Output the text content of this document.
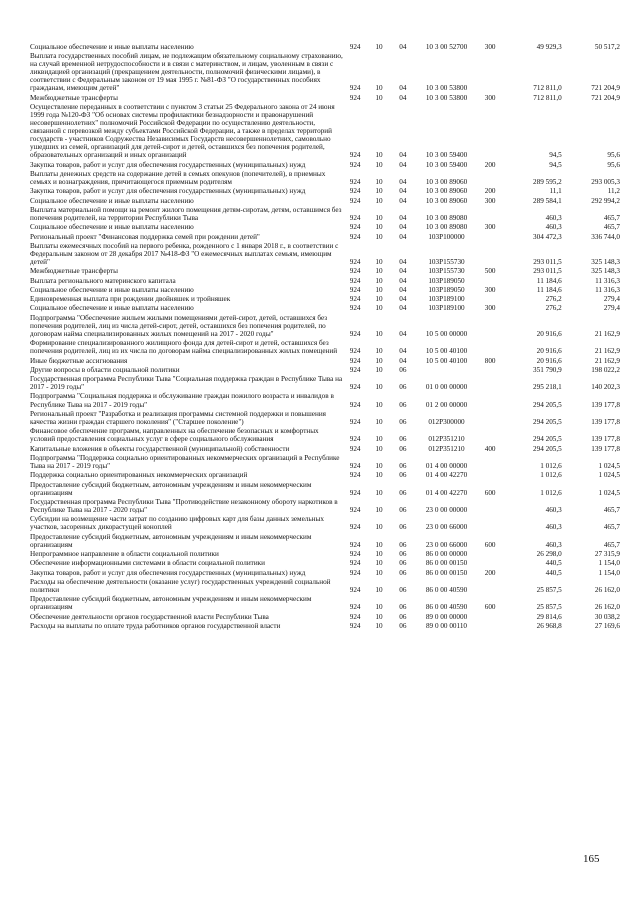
Социальное обеспечение и иные выплаты населению	924	10	04	10 3 00 52700	300	49 929,3	50 517,2
Выплата государственных пособий лицам, не подлежащим обязательному социальному страхованию, на случай временной нетрудоспособности и в связи с материнством, и лицам, уволенным в связи с ликвидацией организаций (прекращением деятельности, полномочий физическими лицами), в соответствии с Федеральным законом от 19 мая 1995 г. №81-ФЗ "О государственных пособиях гражданам, имеющим детей"	924	10	04	10 3 00 53800		712 811,0	721 204,9
Межбюджетные трансферты	924	10	04	10 3 00 53800	300	712 811,0	721 204,9
Осуществление переданных в соответствии с пунктом 3 статьи 25 Федерального закона от 24 июня 1999 года №120-ФЗ "Об основах системы профилактики безнадзорности и правонарушений несовершеннолетних" полномочий Российской Федерации по осуществлению деятельности, связанной с перевозкой между субъектами Российской Федерации, а также в пределах территорий государств - участников Содружества Независимых Государств несовершеннолетних, самовольно ушедших из семей, организаций для детей-сирот и детей, оставшихся без попечения родителей, образовательных организаций и иных организаций	924	10	04	10 3 00 59400		94,5	95,6
Закупка товаров, работ и услуг для обеспечения государственных (муниципальных) нужд	924	10	04	10 3 00 59400	200	94,5	95,6
Выплаты денежных средств на содержание детей в семьях опекунов (попечителей), в приемных семьях и вознаграждения, причитающегося приемным родителям	924	10	04	10 3 00 89060		289 595,2	293 005,3
Закупка товаров, работ и услуг для обеспечения государственных (муниципальных) нужд	924	10	04	10 3 00 89060	200	11,1	11,2
Социальное обеспечение и иные выплаты населению	924	10	04	10 3 00 89060	300	289 584,1	292 994,2
Выплата материальной помощи на ремонт жилого помещения детям-сиротам, детям, оставшимся без попечения родителей, на территории Республики Тыва	924	10	04	10 3 00 89080		460,3	465,7
Социальное обеспечение и иные выплаты населению	924	10	04	10 3 00 89080	300	460,3	465,7
Региональный проект "Финансовая поддержка семей при рождении детей"	924	10	04	103P100000		304 472,3	336 744,0
Выплаты ежемесячных пособий на первого ребенка, рожденного с 1 января 2018 г., в соответствии с Федеральным законом от 28 декабря 2017 №418-ФЗ "О ежемесячных выплатах семьям, имеющим детей"	924	10	04	103P155730		293 011,5	325 148,3
Межбюджетные трансферты	924	10	04	103P155730	500	293 011,5	325 148,3
Выплата регионального материнского капитала	924	10	04	103P189050		11 184,6	11 316,3
Социальное обеспечение и иные выплаты населению	924	10	04	103P189050	300	11 184,6	11 316,3
Единовременная выплата при рождении двойняшек и тройняшек	924	10	04	103P189100		276,2	279,4
Социальное обеспечение и иные выплаты населению	924	10	04	103P189100	300	276,2	279,4
Подпрограмма "Обеспечение жильем жилыми помещениями детей-сирот, детей, оставшихся без попечения родителей, лиц из числа детей-сирот, детей, оставшихся без попечения родителей, по договорам найма специализированных жилых помещений на 2017 - 2020 годы"	924	10	04	10 5 00 00000		20 916,6	21 162,9
Формирование специализированного жилищного фонда для детей-сирот и детей, оставшихся без попечения родителей, лиц из их числа по договорам найма специализированных жилых помещений	924	10	04	10 5 00 40100		20 916,6	21 162,9
Иные бюджетные ассигнования	924	10	04	10 5 00 40100	800	20 916,6	21 162,9
Другие вопросы в области социальной политики	924	10	06			351 790,9	198 022,2
Государственная программа Республики Тыва "Социальная поддержка граждан в Республике Тыва на 2017 - 2019 годы"	924	10	06	01 0 00 00000		295 218,1	140 202,3
Подпрограмма "Социальная поддержка и обслуживание граждан пожилого возраста и инвалидов в Республике Тыва на 2017 - 2019 годы"	924	10	06	01 2 00 00000		294 205,5	139 177,8
Региональный проект "Разработка и реализация программы системной поддержки и повышения качества жизни граждан старшего поколения" ("Старшее поколение")	924	10	06	012P300000		294 205,5	139 177,8
Финансовое обеспечение программ, направленных на обеспечение безопасных и комфортных условий предоставления социальных услуг в сфере социального обслуживания	924	10	06	012P351210		294 205,5	139 177,8
Капитальные вложения в объекты государственной (муниципальной) собственности	924	10	06	012P351210	400	294 205,5	139 177,8
Подпрограмма "Поддержка социально ориентированных некоммерческих организаций в Республике Тыва на 2017 - 2019 годы"	924	10	06	01 4 00 00000		1 012,6	1 024,5
Поддержка социально ориентированных некоммерческих организаций	924	10	06	01 4 00 42270		1 012,6	1 024,5
Предоставление субсидий бюджетным, автономным учреждениям и иным некоммерческим организациям	924	10	06	01 4 00 42270	600	1 012,6	1 024,5
Государственная программа Республики Тыва "Противодействие незаконному обороту наркотиков в Республике Тыва на 2017 - 2020 годы"	924	10	06	23 0 00 00000		460,3	465,7
Субсидии на возмещение части затрат по созданию цифровых карт для базы данных земельных участков, засоренных дикорастущей коноплей	924	10	06	23 0 00 66000		460,3	465,7
Предоставление субсидий бюджетным, автономным учреждениям и иным некоммерческим организациям	924	10	06	23 0 00 66000	600	460,3	465,7
Непрограммное направление в области социальной политики	924	10	06	86 0 00 00000		26 298,0	27 315,9
Обеспечение информационными системами в области социальной политики	924	10	06	86 0 00 00150		440,5	1 154,0
Закупка товаров, работ и услуг для обеспечения государственных (муниципальных) нужд	924	10	06	86 0 00 00150	200	440,5	1 154,0
Расходы на обеспечение деятельности (оказание услуг) государственных учреждений социальной политики	924	10	06	86 0 00 40590		25 857,5	26 162,0
Предоставление субсидий бюджетным, автономным учреждениям и иным некоммерческим организациям	924	10	06	86 0 00 40590	600	25 857,5	26 162,0
Обеспечение деятельности органов государственной власти Республики Тыва	924	10	06	89 0 00 00000		29 814,6	30 038,2
Расходы на выплаты по оплате труда работников органов государственной власти	924	10	06	89 0 00 00110		26 968,8	27 169,6
165
